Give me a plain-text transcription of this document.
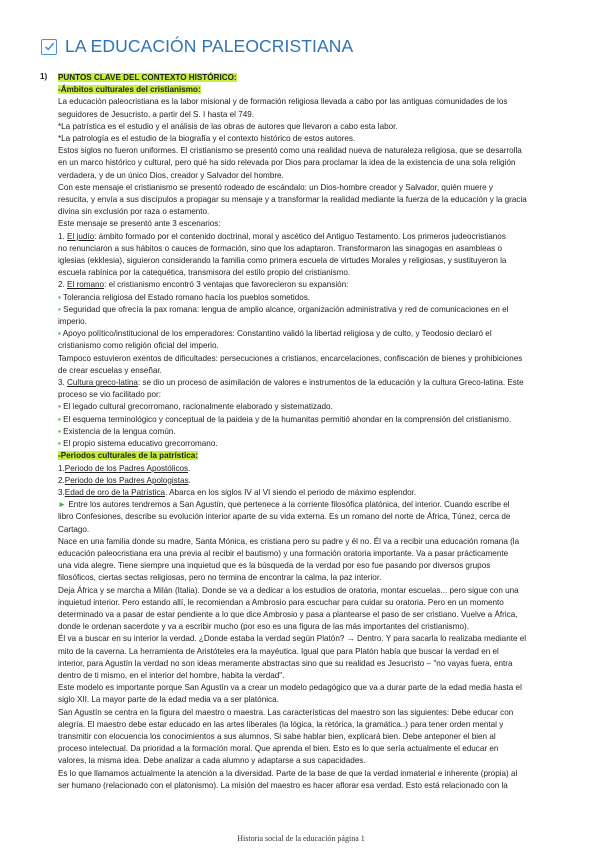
LA EDUCACIÓN PALEOCRISTIANA
1) PUNTOS CLAVE DEL CONTEXTO HISTÓRICO:
-Ámbitos culturales del cristianismo:
La educación paleocristiana es la labor misional y de formación religiosa llevada a cabo por las antiguas comunidades de los
seguidores de Jesucristo, a partir del S. I hasta el 749.
*La patrística es el estudio y el análisis de las obras de autores que llevaron a cabo esta labor.
*La patrología es el estudio de la biografía y el contexto histórico de estos autores.
Estos siglos no fueron uniformes. El cristianismo se presentó como una realidad nueva de naturaleza religiosa, que se desarrolla
en un marco histórico y cultural, pero qué ha sido relevada por Dios para proclamar la idea de la existencia de una sola religión
verdadera, y de un único Dios, creador y Salvador del hombre.
Con este mensaje el cristianismo se presentó rodeado de escándalo: un Dios-hombre creador y Salvador, quién muere y
resucita, y envía a sus discípulos a propagar su mensaje y a transformar la realidad mediante la fuerza de la educación y la gracia
divina sin exclusión por raza o estamento.
Este mensaje se presentó ante 3 escenarios:
1. El judío: ámbito formado por el contenido doctrinal, moral y ascético del Antiguo Testamento. Los primeros judeocristianos
no renunciaron a sus hábitos o cauces de formación, sino que los adaptaron. Transformaron las sinagogas en asambleas o
iglesias (ekklesia), siguieron considerando la familia como primera escuela de virtudes Morales y religiosas, y sustituyeron la
escuela rabínica por la catequética, transmisora del estilo propio del cristianismo.
2. El romano: el cristianismo encontró 3 ventajas que favorecieron su expansión:
▪ Tolerancia religiosa del Estado romano hacía los pueblos sometidos.
▪ Seguridad que ofrecía la pax romana: lengua de amplio alcance, organización administrativa y red de comunicaciones en el
imperio.
▪ Apoyo político/institucional de los emperadores: Constantino validó la libertad religiosa y de culto, y Teodosio declaró el
cristianismo como religión oficial del imperio.
Tampoco estuvieron exentos de dificultades: persecuciones a cristianos, encarcelaciones, confiscación de bienes y prohibiciones
de crear escuelas y enseñar.
3. Cultura greco-latina: se dio un proceso de asimilación de valores e instrumentos de la educación y la cultura Greco-latina. Este
proceso se vio facilitado por:
▪ El legado cultural grecorromano, racionalmente elaborado y sistematizado.
▪ El esquema terminológico y conceptual de la paideia y de la humanitas permitió ahondar en la comprensión del cristianismo.
▪ Existencia de la lengua común.
▪ El propio sistema educativo grecorromano.
-Periodos culturales de la patrística:
1.Periodo de los Padres Apostólicos.
2.Periodo de los Padres Apologistas.
3.Edad de oro de la Patrística. Abarca en los siglos IV al VI siendo el periodo de máximo esplendor.
► Entre los autores tendremos a San Agustín, que pertenece a la corriente filosófica platónica, del interior. Cuando escribe el
libro Confesiones, describe su evolución interior aparte de su vida externa. Es un romano del norte de África, Túnez, cerca de
Cartago.
Nace en una familia donde su madre, Santa Mónica, es cristiana pero su padre y él no. Él va a recibir una educación romana (la
educación paleocristiana era una previa al recibir el bautismo) y una formación oratoria importante. Va a pasar prácticamente
una vida alegre. Tiene siempre una inquietud que es la búsqueda de la verdad por eso fue pasando por diversos grupos
filosóficos, ciertas sectas religiosas, pero no termina de encontrar la calma, la paz interior.
Deja África y se marcha a Milán (Italia). Donde se va a dedicar a los estudios de oratoria, montar escuelas... pero sigue con una
inquietud interior. Pero estando allí, le recomiendan a Ambrosio para escuchar para cuidar su oratoria. Pero en un momento
determinado va a pasar de estar pendiente a lo que dice Ambrosio y pasa a plantearse el paso de ser cristiano. Vuelve a África,
donde le ordenan sacerdote y va a escribir mucho (por eso es una figura de las más importantes del cristianismo).
Él va a buscar en su interior la verdad. ¿Donde estaba la verdad según Platón? → Dentro. Y para sacarla lo realizaba mediante el
mito de la caverna. La herramienta de Aristóteles era la mayéutica. Igual que para Platón había que buscar la verdad en el
interior, para Agustín la verdad no son ideas meramente abstractas sino que su realidad es Jesucristo – "no vayas fuera, entra
dentro de ti mismo, en el interior del hombre, habita la verdad".
Este modelo es importante porque San Agustín va a crear un modelo pedagógico que va a durar parte de la edad media hasta el
siglo XII. La mayor parte de la edad media va a ser platónica.
San Agustín se centra en la figura del maestro o maestra. Las características del maestro son las siguientes: Debe educar con
alegría. El maestro debe estar educado en las artes liberales (la lógica, la retórica, la gramática..) para tener orden mental y
transmitir con elocuencia los conocimientos a sus alumnos. Si sabe hablar bien, explicará bien. Debe anteponer el bien al
proceso intelectual. Da prioridad a la formación moral. Que aprenda el bien. Esto es lo que sería actualmente el educar en
valores, la misma idea. Debe analizar a cada alumno y adaptarse a sus capacidades.
Es lo que llamamos actualmente la atención a la diversidad. Parte de la base de que la verdad inmaterial e inherente (propia) al
ser humano (relacionado con el platonismo). La misión del maestro es hacer aflorar esa verdad. Esto está relacionado con la
Historia social de la educación página 1
